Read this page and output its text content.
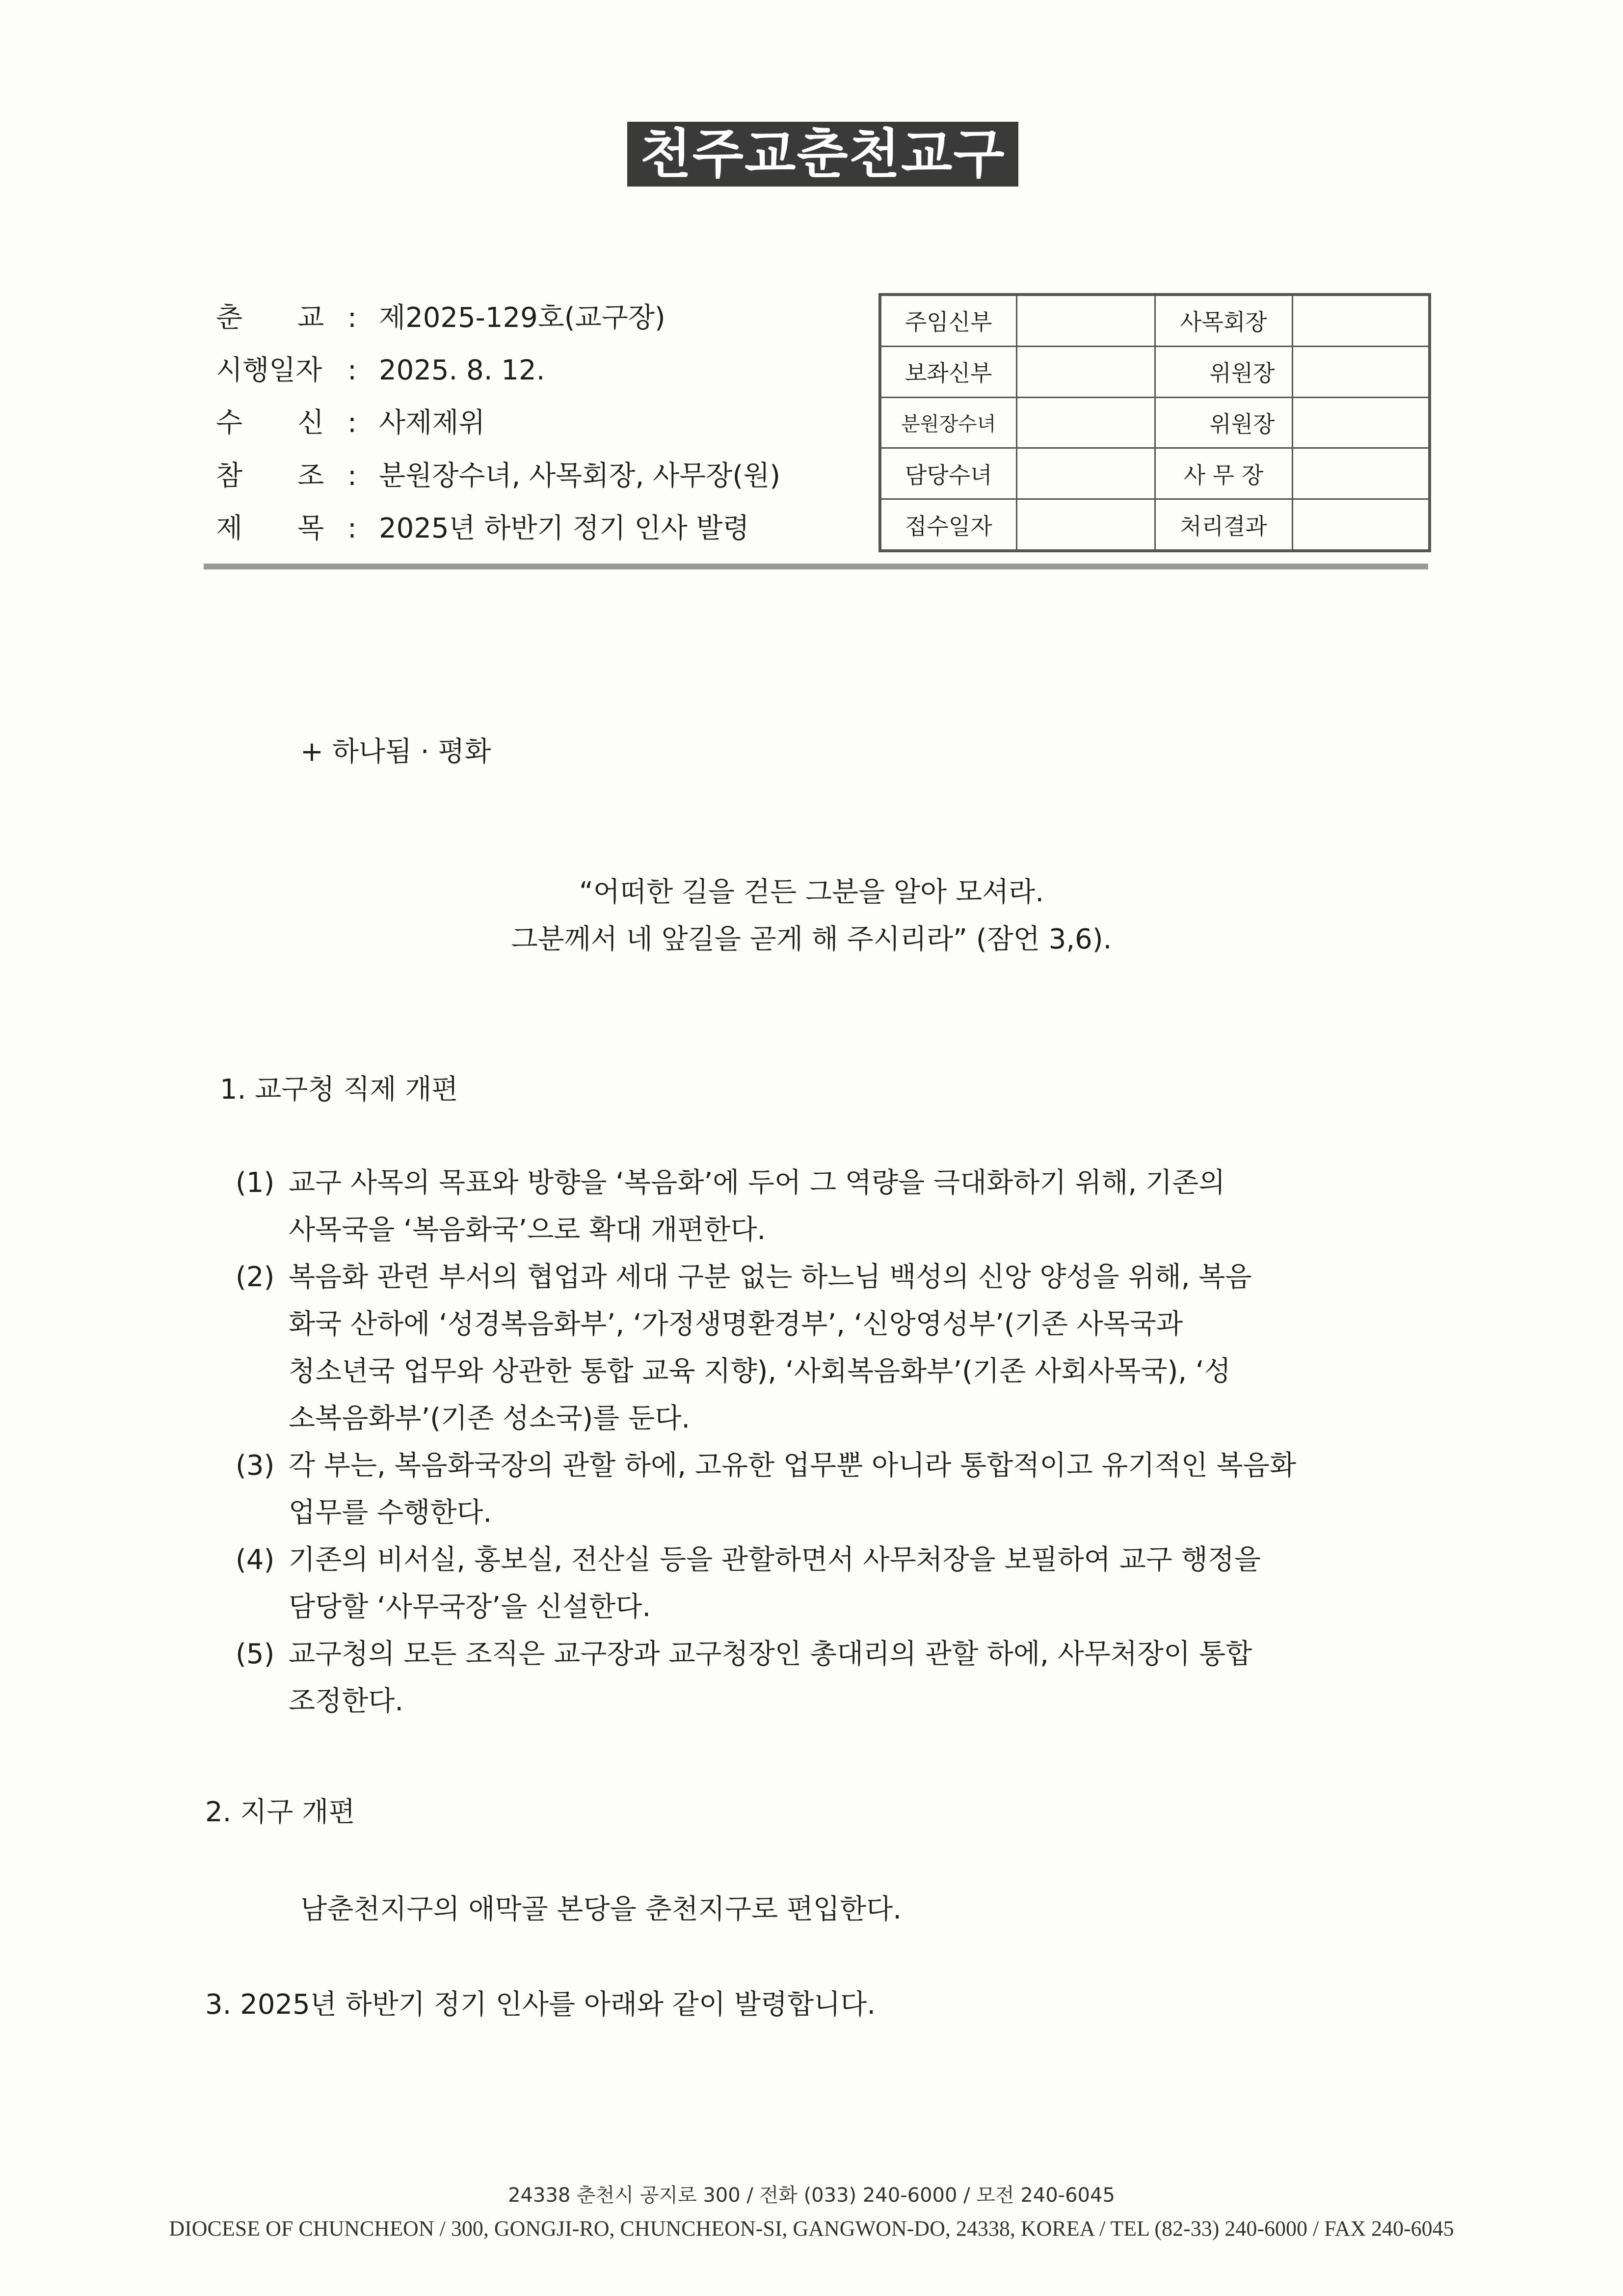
천주교춘천교구
춘　　교 : 제2025-129호(교구장)
시행일자 : 2025. 8. 12.
수　　신 : 사제제위
참　　조 : 분원장수녀, 사목회장, 사무장(원)
제　　목 : 2025년 하반기 정기 인사 발령
주임신부		사목회장	
보좌신부		위원장	
분원장수녀		위원장	
담당수녀		사 무 장	
접수일자		처리결과	
+ 하나됨 · 평화
“어떠한 길을 걷든 그분을 알아 모셔라.
그분께서 네 앞길을 곧게 해 주시리라” (잠언 3,6).
1. 교구청 직제 개편
(1) 교구 사목의 목표와 방향을 ‘복음화’에 두어 그 역량을 극대화하기 위해, 기존의
사목국을 ‘복음화국’으로 확대 개편한다.
(2) 복음화 관련 부서의 협업과 세대 구분 없는 하느님 백성의 신앙 양성을 위해, 복음
화국 산하에 ‘성경복음화부’, ‘가정생명환경부’, ‘신앙영성부’(기존 사목국과
청소년국 업무와 상관한 통합 교육 지향), ‘사회복음화부’(기존 사회사목국), ‘성
소복음화부’(기존 성소국)를 둔다.
(3) 각 부는, 복음화국장의 관할 하에, 고유한 업무뿐 아니라 통합적이고 유기적인 복음화
업무를 수행한다.
(4) 기존의 비서실, 홍보실, 전산실 등을 관할하면서 사무처장을 보필하여 교구 행정을
담당할 ‘사무국장’을 신설한다.
(5) 교구청의 모든 조직은 교구장과 교구청장인 총대리의 관할 하에, 사무처장이 통합
조정한다.
2. 지구 개편
남춘천지구의 애막골 본당을 춘천지구로 편입한다.
3. 2025년 하반기 정기 인사를 아래와 같이 발령합니다.
24338 춘천시 공지로 300 / 전화 (033) 240-6000 / 모전 240-6045
DIOCESE OF CHUNCHEON / 300, GONGJI-RO, CHUNCHEON-SI, GANGWON-DO, 24338, KOREA / TEL (82-33) 240-6000 / FAX 240-6045
